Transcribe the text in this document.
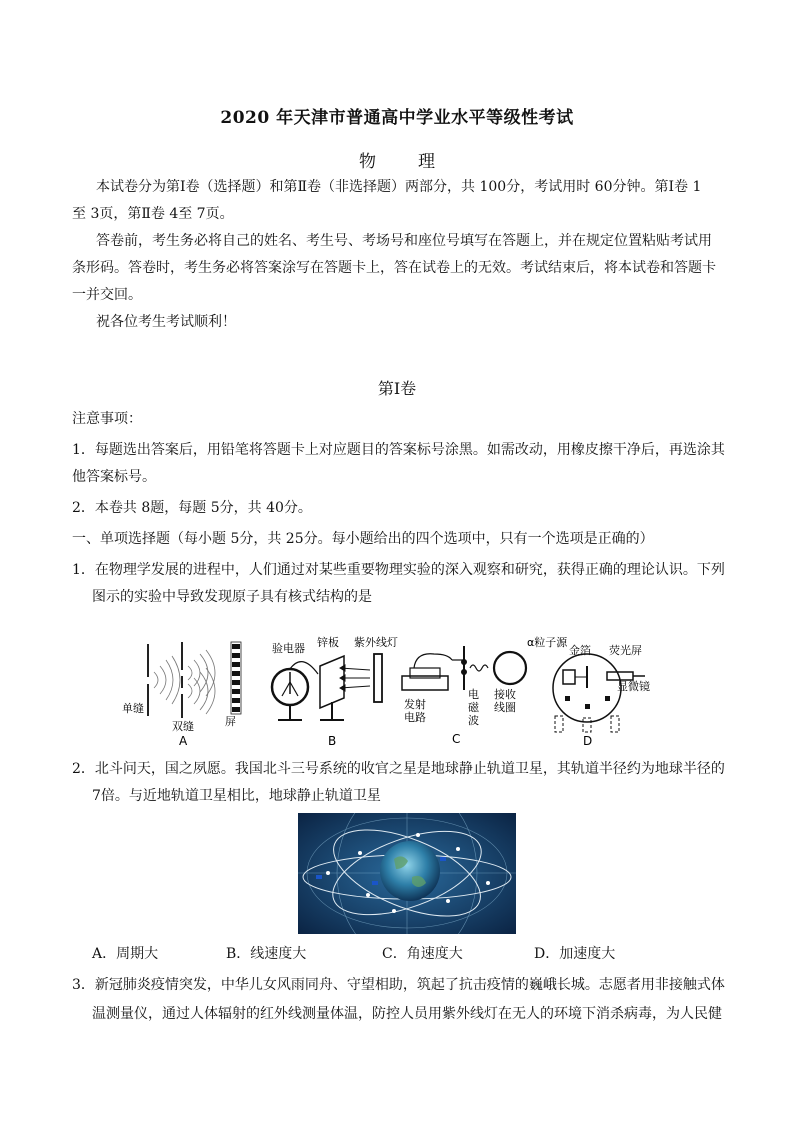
2020 年天津市普通高中学业水平等级性考试
物 理

本试卷分为第Ⅰ卷（选择题）和第Ⅱ卷（非选择题）两部分，共 100分，考试用时 60分钟。第Ⅰ卷 1

至 3页，第Ⅱ卷 4至 7页。

答卷前，考生务必将自己的姓名、考生号、考场号和座位号填写在答题上，并在规定位置粘贴考试用

条形码。答卷时，考生务必将答案涂写在答题卡上，答在试卷上的无效。考试结束后，将本试卷和答题卡

一并交回。

祝各位考生考试顺利！

第Ⅰ卷

注意事项：

1．每题选出答案后，用铅笔将答题卡上对应题目的答案标号涂黑。如需改动，用橡皮擦干净后，再选涂其

他答案标号。

2．本卷共 8题，每题 5分，共 40分。

一、单项选择题（每小题 5分，共 25分。每小题给出的四个选项中，只有一个选项是正确的）

1．在物理学发展的进程中，人们通过对某些重要物理实验的深入观察和研究，获得正确的理论认识。下列

图示的实验中导致发现原子具有核式结构的是

单缝
双缝	屏
A
验电器 锌板 紫外线灯
B
发射
电路
电
磁
波
接收
线圈
C
α粒子源
金箔 荧光屏
显微镜
D

2．北斗问天，国之夙愿。我国北斗三号系统的收官之星是地球静止轨道卫星，其轨道半径约为地球半径的

7倍。与近地轨道卫星相比，地球静止轨道卫星

A．周期大	B．线速度大	C．角速度大	D．加速度大

3．新冠肺炎疫情突发，中华儿女风雨同舟、守望相助，筑起了抗击疫情的巍峨长城。志愿者用非接触式体

温测量仪，通过人体辐射的红外线测量体温，防控人员用紫外线灯在无人的环境下消杀病毒，为人民健
